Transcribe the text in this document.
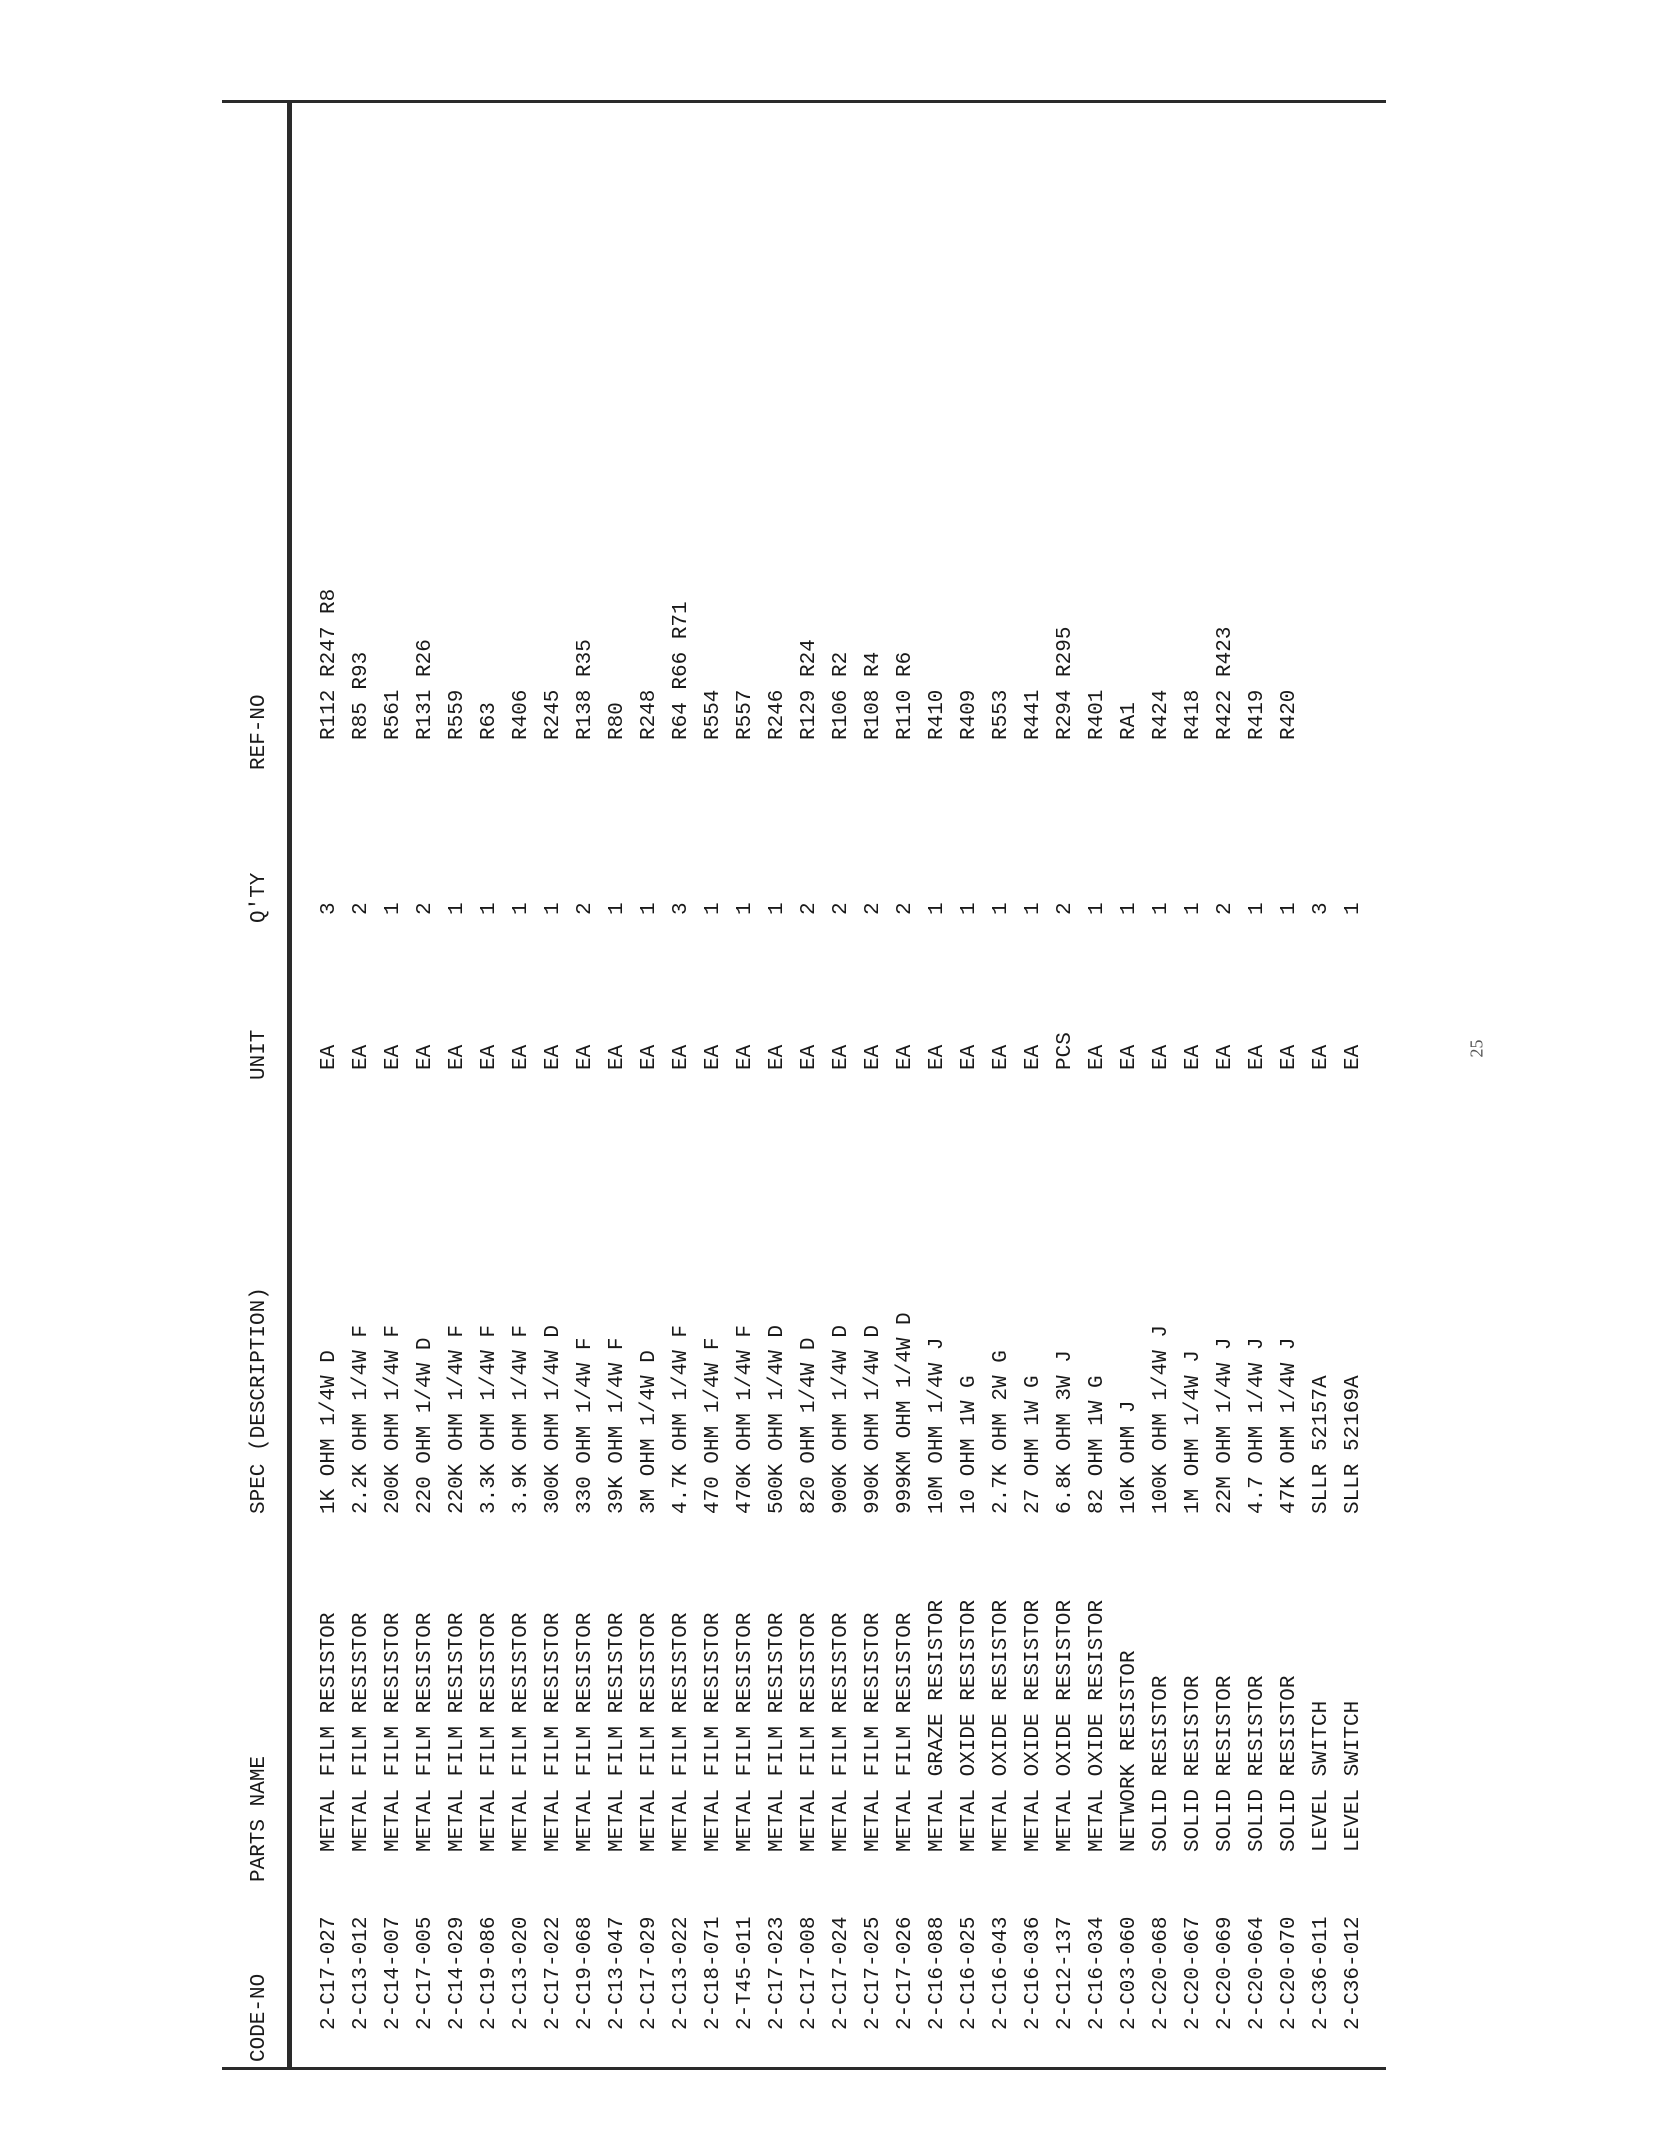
CODE-NO
PARTS NAME
SPEC (DESCRIPTION)
UNIT
Q'TY
REF-NO
2-C17-027
METAL FILM RESISTOR
1K OHM 1/4W D
EA
3
R112 R247 R8
2-C13-012
METAL FILM RESISTOR
2.2K OHM 1/4W F
EA
2
R85 R93
2-C14-007
METAL FILM RESISTOR
200K OHM 1/4W F
EA
1
R561
2-C17-005
METAL FILM RESISTOR
220 OHM 1/4W D
EA
2
R131 R26
2-C14-029
METAL FILM RESISTOR
220K OHM 1/4W F
EA
1
R559
2-C19-086
METAL FILM RESISTOR
3.3K OHM 1/4W F
EA
1
R63
2-C13-020
METAL FILM RESISTOR
3.9K OHM 1/4W F
EA
1
R406
2-C17-022
METAL FILM RESISTOR
300K OHM 1/4W D
EA
1
R245
2-C19-068
METAL FILM RESISTOR
330 OHM 1/4W F
EA
2
R138 R35
2-C13-047
METAL FILM RESISTOR
39K OHM 1/4W F
EA
1
R80
2-C17-029
METAL FILM RESISTOR
3M OHM 1/4W D
EA
1
R248
2-C13-022
METAL FILM RESISTOR
4.7K OHM 1/4W F
EA
3
R64 R66 R71
2-C18-071
METAL FILM RESISTOR
470 OHM 1/4W F
EA
1
R554
2-T45-011
METAL FILM RESISTOR
470K OHM 1/4W F
EA
1
R557
2-C17-023
METAL FILM RESISTOR
500K OHM 1/4W D
EA
1
R246
2-C17-008
METAL FILM RESISTOR
820 OHM 1/4W D
EA
2
R129 R24
2-C17-024
METAL FILM RESISTOR
900K OHM 1/4W D
EA
2
R106 R2
2-C17-025
METAL FILM RESISTOR
990K OHM 1/4W D
EA
2
R108 R4
2-C17-026
METAL FILM RESISTOR
999KM OHM 1/4W D
EA
2
R110 R6
2-C16-088
METAL GRAZE RESISTOR
10M OHM 1/4W J
EA
1
R410
2-C16-025
METAL OXIDE RESISTOR
10 OHM 1W G
EA
1
R409
2-C16-043
METAL OXIDE RESISTOR
2.7K OHM 2W G
EA
1
R553
2-C16-036
METAL OXIDE RESISTOR
27 OHM 1W G
EA
1
R441
2-C12-137
METAL OXIDE RESISTOR
6.8K OHM 3W J
PCS
2
R294 R295
2-C16-034
METAL OXIDE RESISTOR
82 OHM 1W G
EA
1
R401
2-C03-060
NETWORK RESISTOR
10K OHM J
EA
1
RA1
2-C20-068
SOLID RESISTOR
100K OHM 1/4W J
EA
1
R424
2-C20-067
SOLID RESISTOR
1M OHM 1/4W J
EA
1
R418
2-C20-069
SOLID RESISTOR
22M OHM 1/4W J
EA
2
R422 R423
2-C20-064
SOLID RESISTOR
4.7 OHM 1/4W J
EA
1
R419
2-C20-070
SOLID RESISTOR
47K OHM 1/4W J
EA
1
R420
2-C36-011
LEVEL SWITCH
SLLR 52157A
EA
3
2-C36-012
LEVEL SWITCH
SLLR 52169A
EA
1
25
